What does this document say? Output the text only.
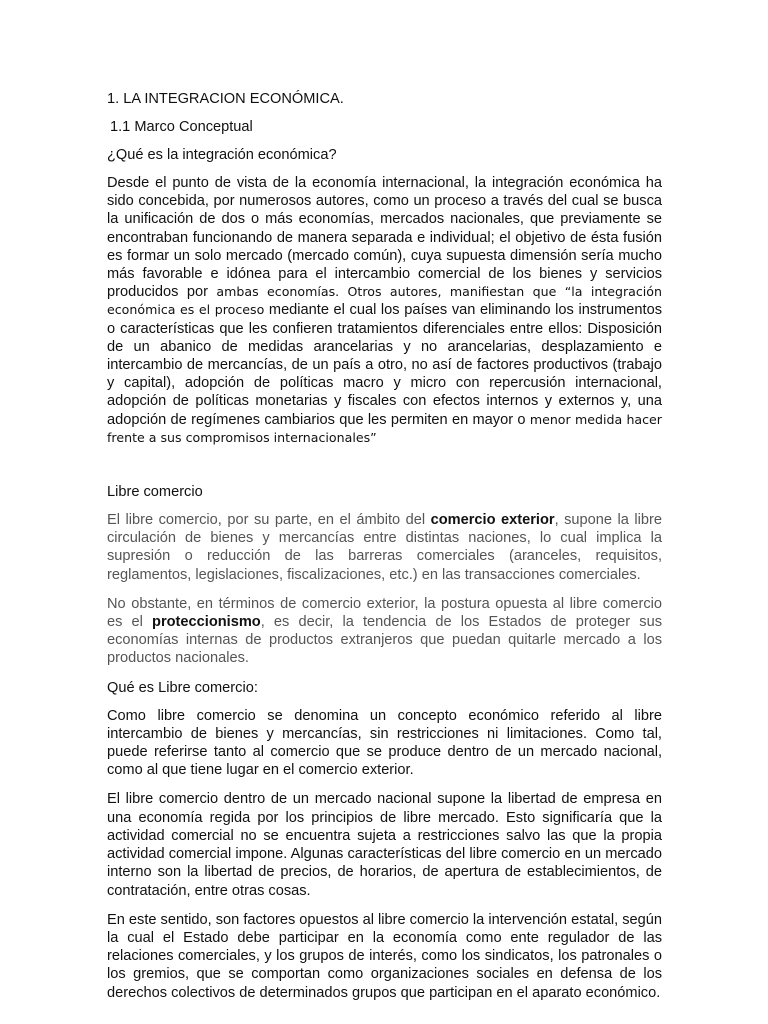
1. LA INTEGRACION ECONÓMICA.
1.1 Marco Conceptual
¿Qué es la integración económica?

Desde el punto de vista de la economía internacional, la integración económica ha sido concebida, por numerosos autores, como un proceso a través del cual se busca la unificación de dos o más economías, mercados nacionales, que previamente se encontraban funcionando de manera separada e individual; el objetivo de ésta fusión es formar un solo mercado (mercado común), cuya supuesta dimensión sería mucho más favorable e idónea para el intercambio comercial de los bienes y servicios producidos por ambas economías. Otros autores, manifiestan que “la integración económica es el proceso mediante el cual los países van eliminando los instrumentos o características que les confieren tratamientos diferenciales entre ellos: Disposición de un abanico de medidas arancelarias y no arancelarias, desplazamiento e intercambio de mercancías, de un país a otro, no así de factores productivos (trabajo y capital), adopción de políticas macro y micro con repercusión internacional, adopción de políticas monetarias y fiscales con efectos internos y externos y, una adopción de regímenes cambiarios que les permiten en mayor o menor medida hacer frente a sus compromisos internacionales”

Libre comercio

El libre comercio, por su parte, en el ámbito del comercio exterior, supone la libre circulación de bienes y mercancías entre distintas naciones, lo cual implica la supresión o reducción de las barreras comerciales (aranceles, requisitos, reglamentos, legislaciones, fiscalizaciones, etc.) en las transacciones comerciales.

No obstante, en términos de comercio exterior, la postura opuesta al libre comercio es el proteccionismo, es decir, la tendencia de los Estados de proteger sus economías internas de productos extranjeros que puedan quitarle mercado a los productos nacionales.

Qué es Libre comercio:

Como libre comercio se denomina un concepto económico referido al libre intercambio de bienes y mercancías, sin restricciones ni limitaciones. Como tal, puede referirse tanto al comercio que se produce dentro de un mercado nacional, como al que tiene lugar en el comercio exterior.

El libre comercio dentro de un mercado nacional supone la libertad de empresa en una economía regida por los principios de libre mercado. Esto significaría que la actividad comercial no se encuentra sujeta a restricciones salvo las que la propia actividad comercial impone. Algunas características del libre comercio en un mercado interno son la libertad de precios, de horarios, de apertura de establecimientos, de contratación, entre otras cosas.

En este sentido, son factores opuestos al libre comercio la intervención estatal, según la cual el Estado debe participar en la economía como ente regulador de las relaciones comerciales, y los grupos de interés, como los sindicatos, los patronales o los gremios, que se comportan como organizaciones sociales en defensa de los derechos colectivos de determinados grupos que participan en el aparato económico.
